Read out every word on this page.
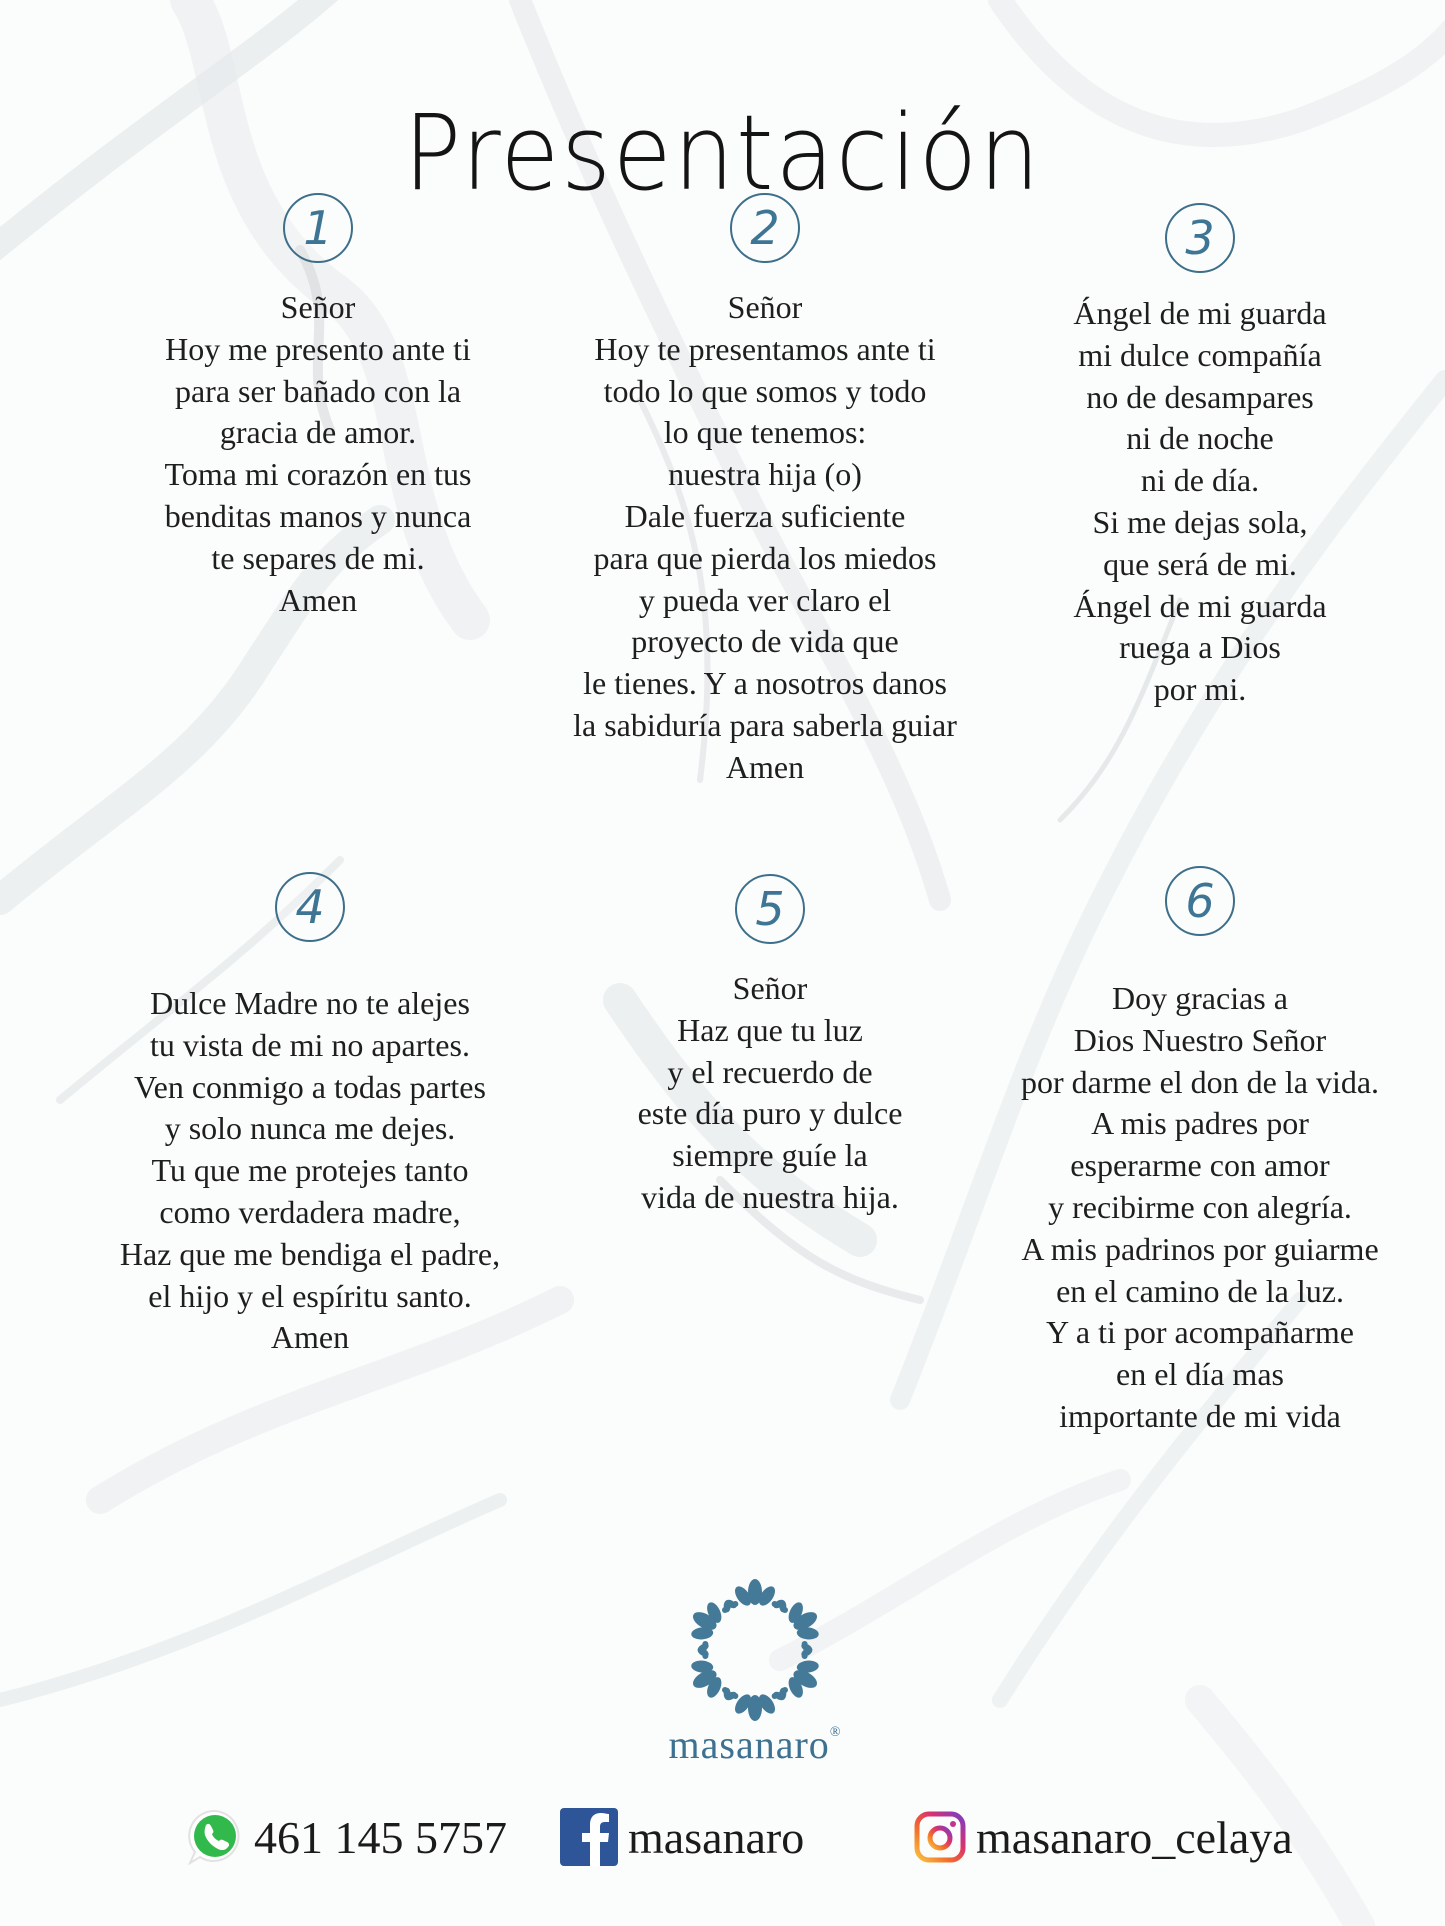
Presentación
1
Señor
Hoy me presento ante ti
para ser bañado con la
gracia de amor.
Toma mi corazón en tus
benditas manos y nunca
te separes de mi.
Amen
2
Señor
Hoy te presentamos ante ti
todo lo que somos y todo
lo que tenemos:
nuestra hija (o)
Dale fuerza suficiente
para que pierda los miedos
y pueda ver claro el
proyecto de vida que
le tienes. Y a nosotros danos
la sabiduría para saberla guiar
Amen
3
Ángel de mi guarda
mi dulce compañía
no de desampares
ni de noche
ni de día.
Si me dejas sola,
que será de mi.
Ángel de mi guarda
ruega a Dios
por mi.
4
Dulce Madre no te alejes
tu vista de mi no apartes.
Ven conmigo a todas partes
y solo nunca me dejes.
Tu que me protejes tanto
como verdadera madre,
Haz que me bendiga el padre,
el hijo y el espíritu santo.
Amen
5
Señor
Haz que tu luz
y el recuerdo de
este día puro y dulce
siempre guíe la
vida de nuestra hija.
6
Doy gracias a
Dios Nuestro Señor
por darme el don de la vida.
A mis padres por
esperarme con amor
y recibirme con alegría.
A mis padrinos por guiarme
en el camino de la luz.
Y a ti por acompañarme
en el día mas
importante de mi vida
masanaro®
461 145 5757	masanaro	masanaro_celaya
